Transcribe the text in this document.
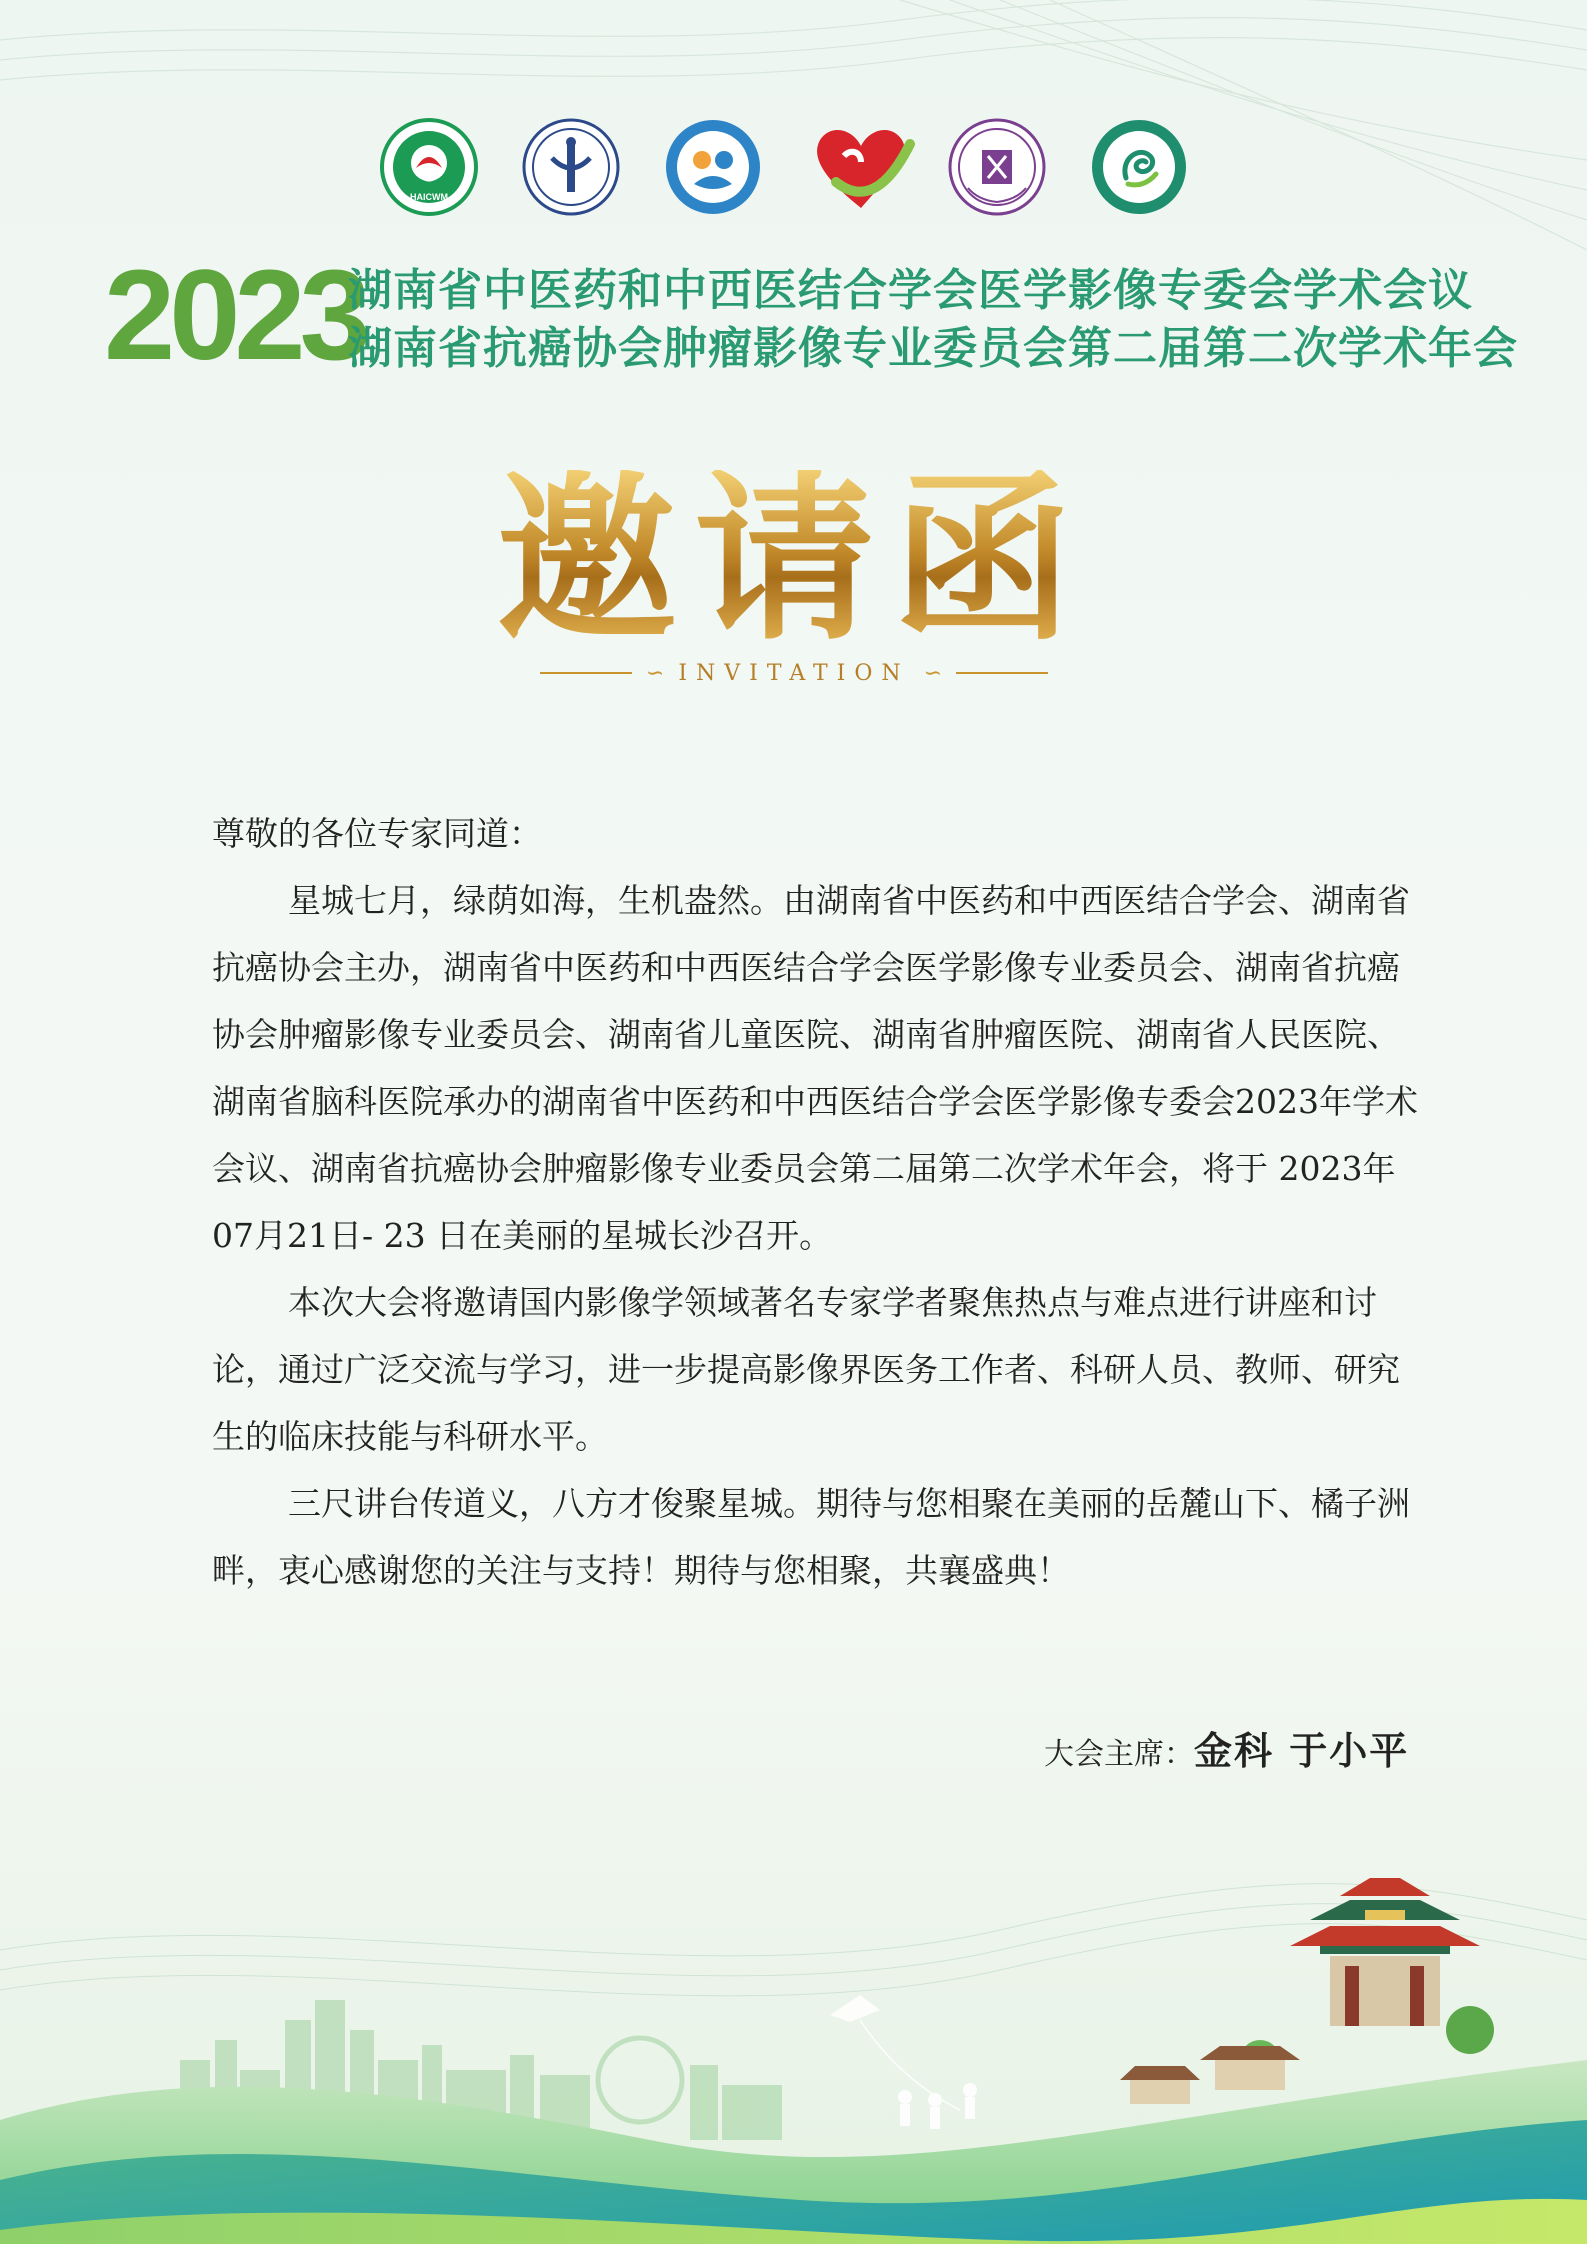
HAICWM
2023
湖南省中医药和中西医结合学会医学影像专委会学术会议
湖南省抗癌协会肿瘤影像专业委员会第二届第二次学术年会
邀请函
∽ INVITATION ∽

尊敬的各位专家同道：

星城七月，绿荫如海，生机盎然。由湖南省中医药和中西医结合学会、湖南省抗癌协会主办，湖南省中医药和中西医结合学会医学影像专业委员会、湖南省抗癌协会肿瘤影像专业委员会、湖南省儿童医院、湖南省肿瘤医院、湖南省人民医院、湖南省脑科医院承办的湖南省中医药和中西医结合学会医学影像专委会2023年学术会议、湖南省抗癌协会肿瘤影像专业委员会第二届第二次学术年会，将于 2023年 07月21日- 23 日在美丽的星城长沙召开。

本次大会将邀请国内影像学领域著名专家学者聚焦热点与难点进行讲座和讨论，通过广泛交流与学习，进一步提高影像界医务工作者、科研人员、教师、研究生的临床技能与科研水平。

三尺讲台传道义，八方才俊聚星城。期待与您相聚在美丽的岳麓山下、橘子洲畔，衷心感谢您的关注与支持！期待与您相聚，共襄盛典！

大会主席：金科 于小平
